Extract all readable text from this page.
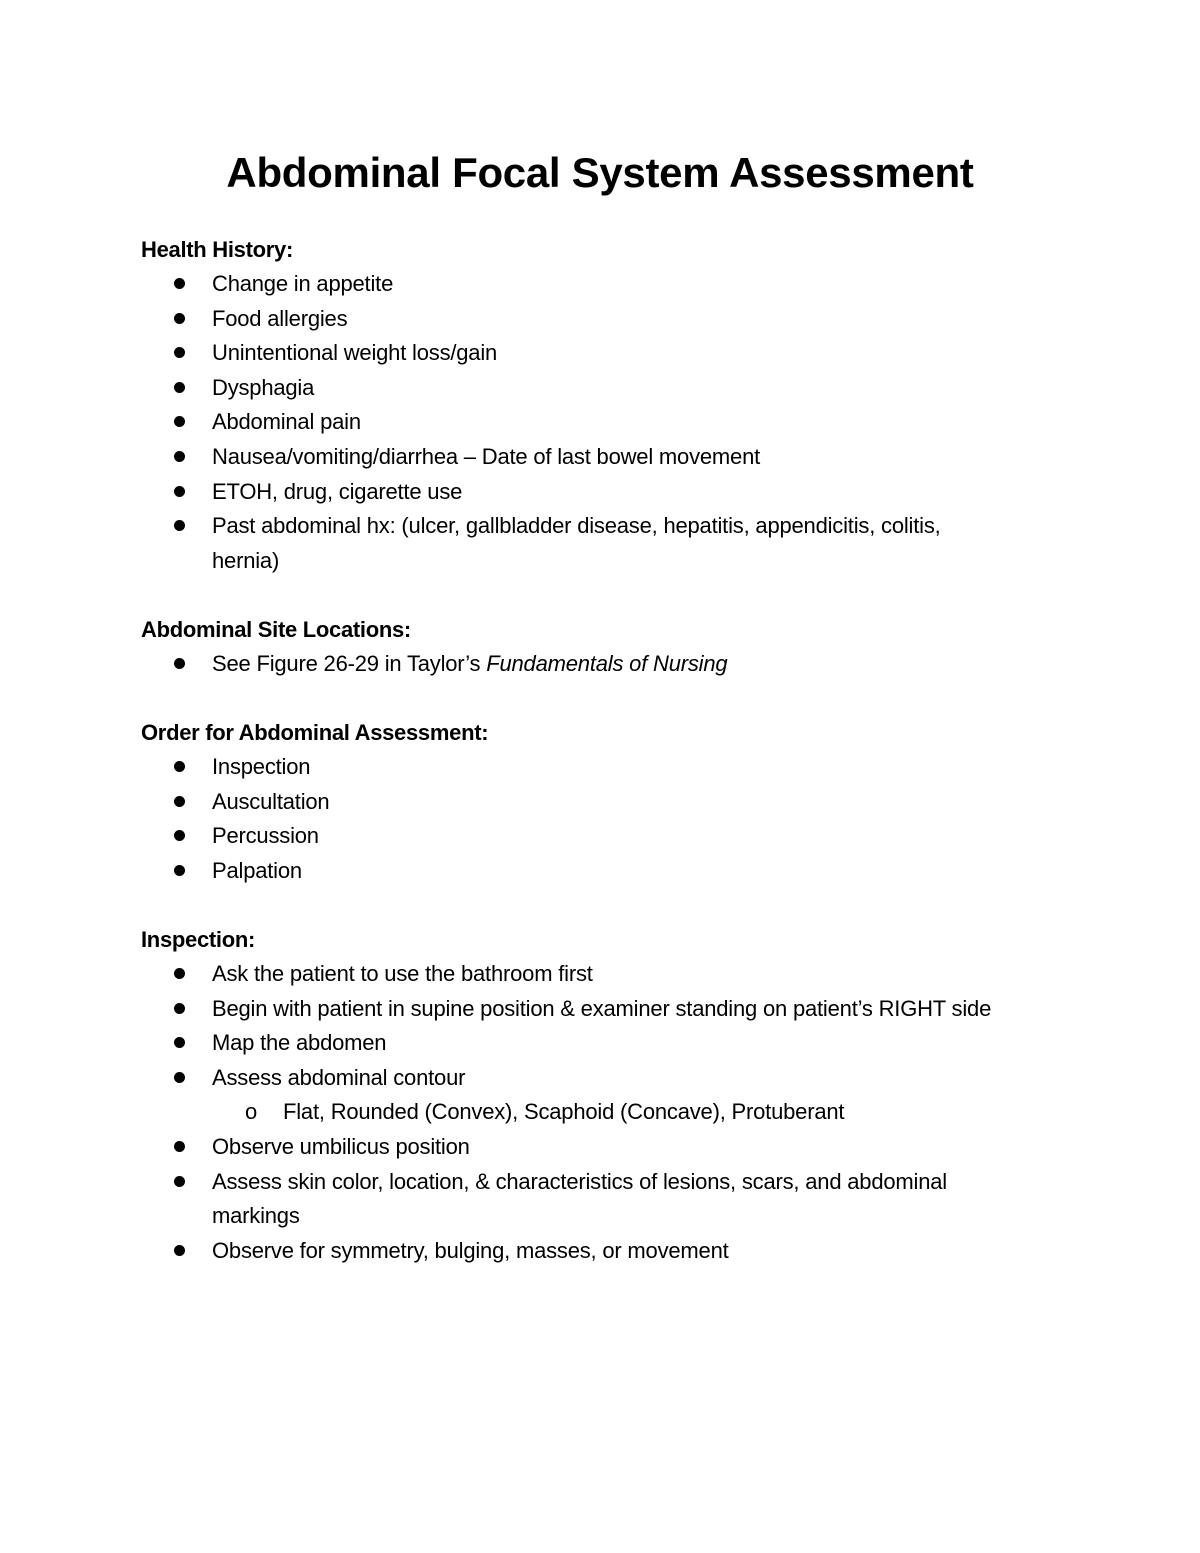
Abdominal Focal System Assessment
Health History:
Change in appetite
Food allergies
Unintentional weight loss/gain
Dysphagia
Abdominal pain
Nausea/vomiting/diarrhea – Date of last bowel movement
ETOH, drug, cigarette use
Past abdominal hx: (ulcer, gallbladder disease, hepatitis, appendicitis, colitis, hernia)
Abdominal Site Locations:
See Figure 26-29 in Taylor’s Fundamentals of Nursing
Order for Abdominal Assessment:
Inspection
Auscultation
Percussion
Palpation
Inspection:
Ask the patient to use the bathroom first
Begin with patient in supine position & examiner standing on patient’s RIGHT side
Map the abdomen
Assess abdominal contour
o Flat, Rounded (Convex), Scaphoid (Concave), Protuberant
Observe umbilicus position
Assess skin color, location, & characteristics of lesions, scars, and abdominal markings
Observe for symmetry, bulging, masses, or movement
